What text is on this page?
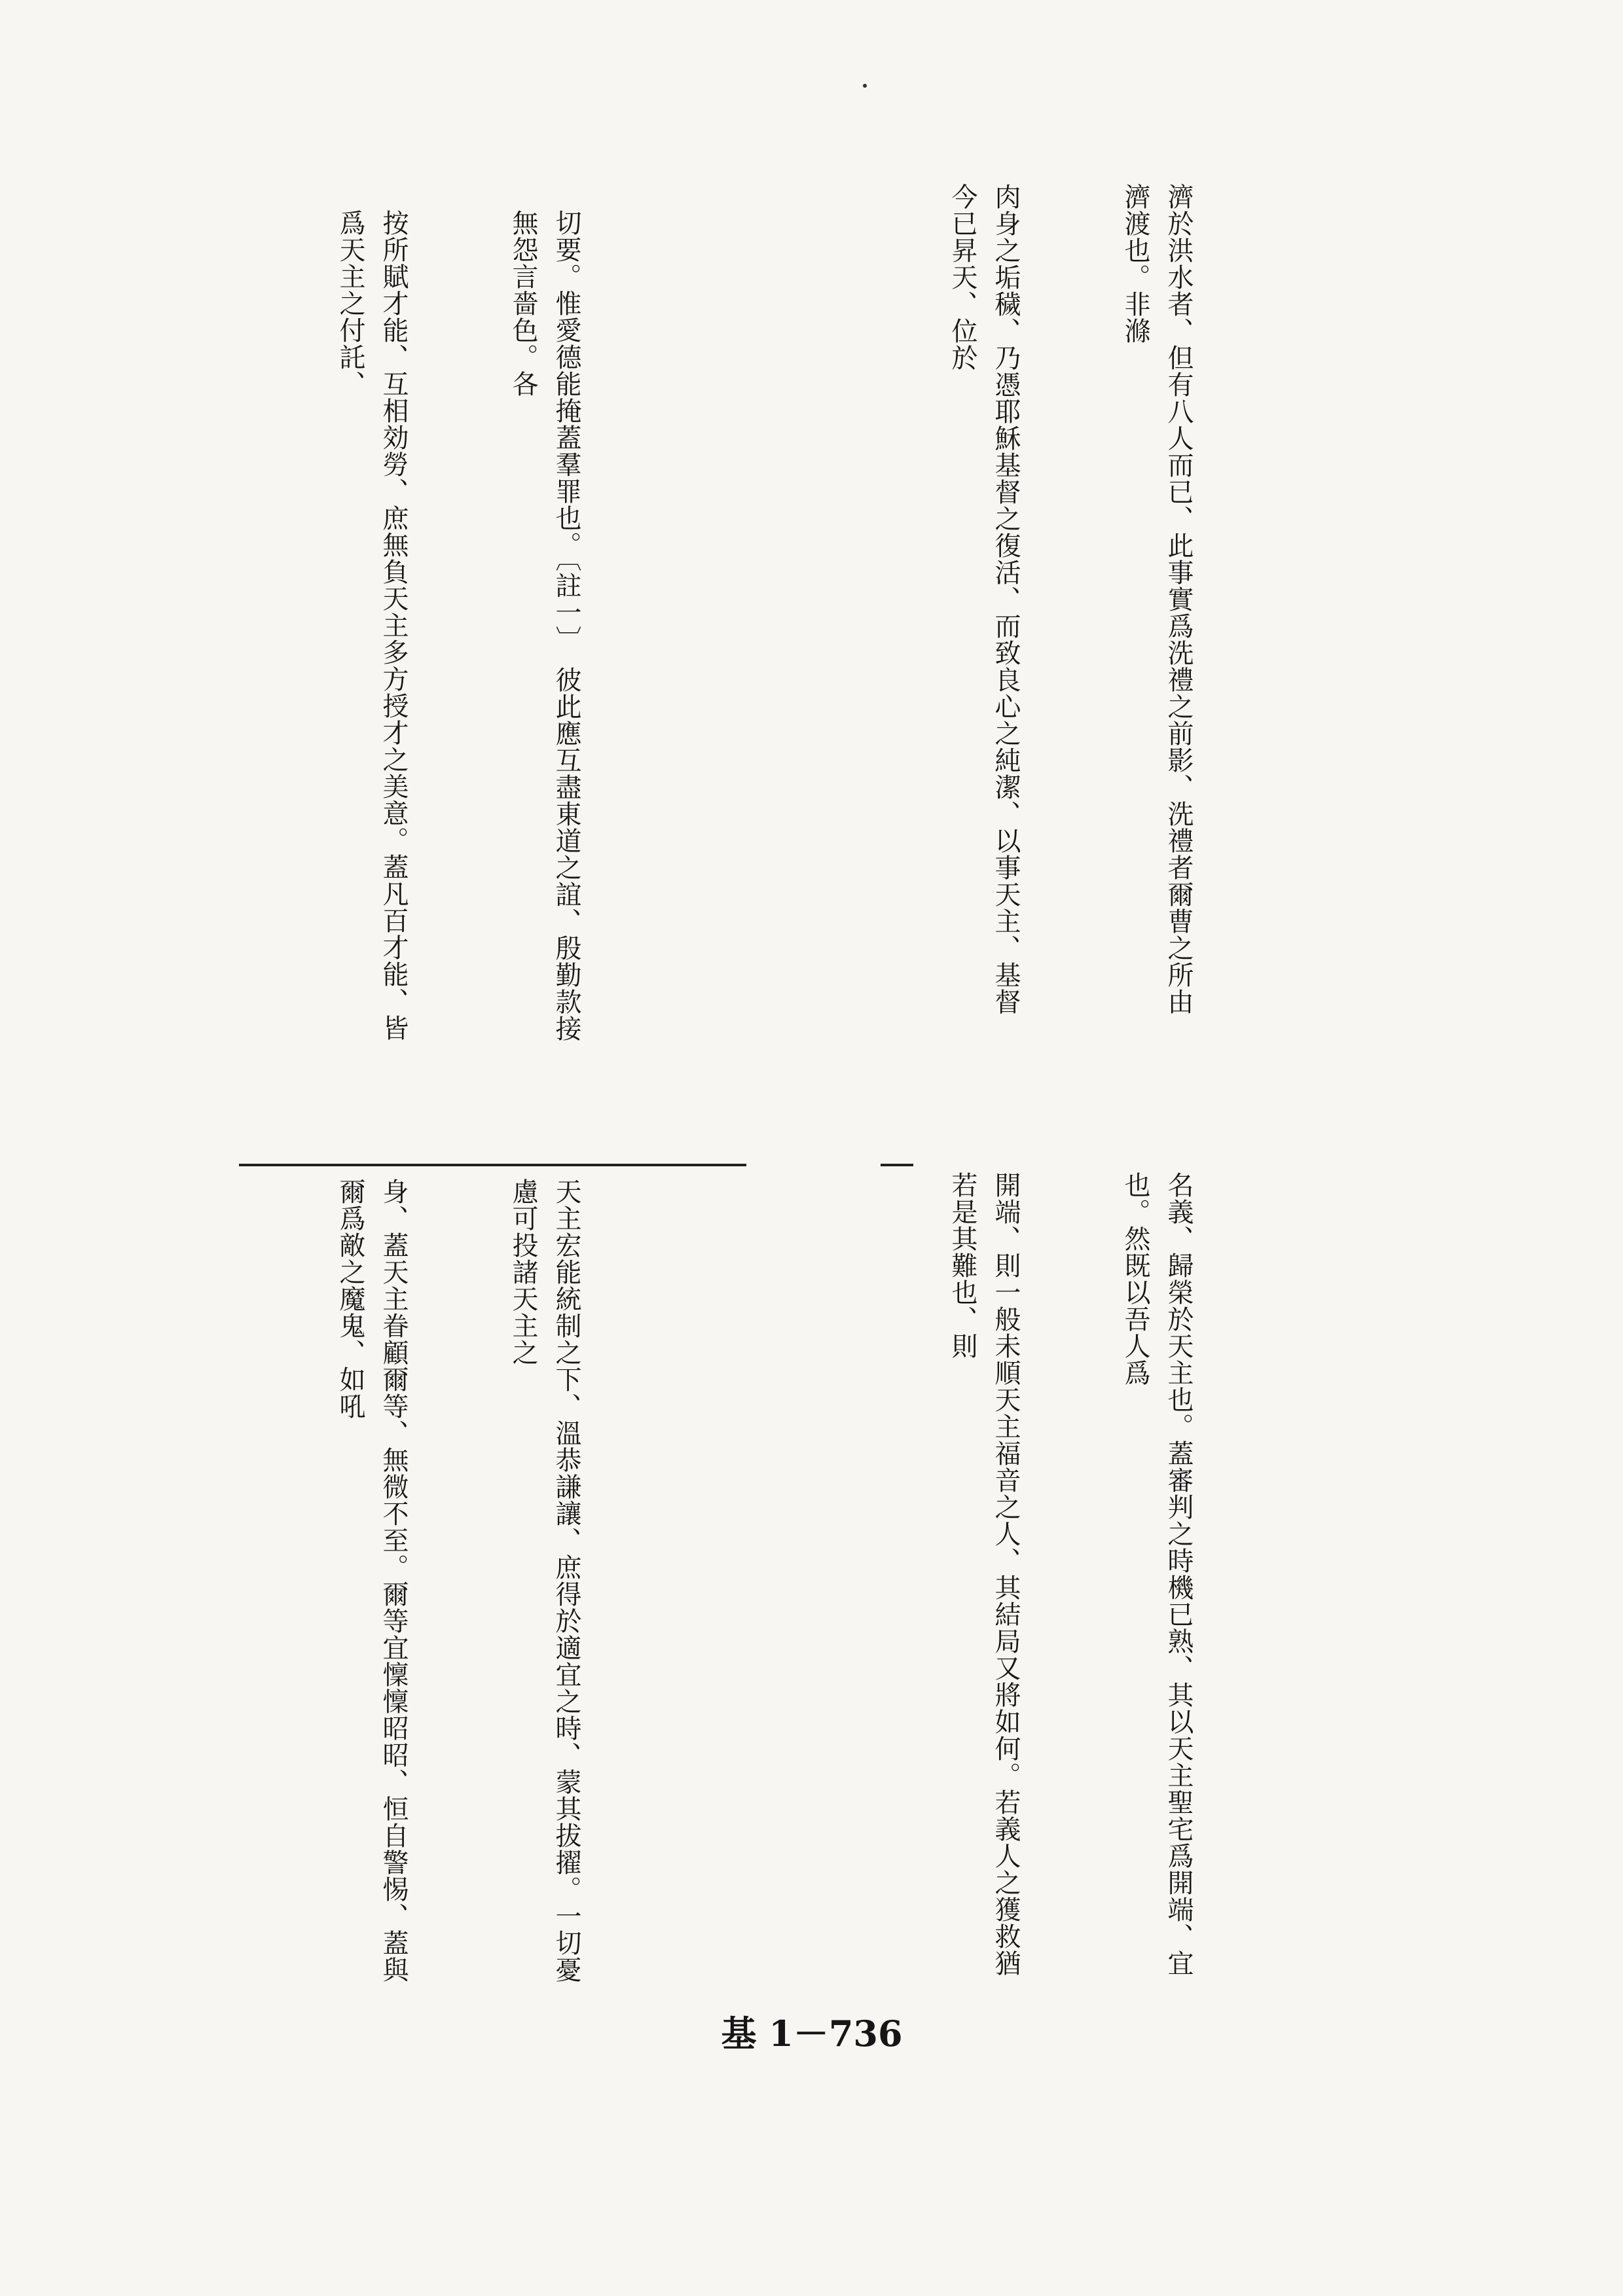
濟於洪水者、但有八人而已、此事實爲洗禮之前影、洗禮者爾曹之所由濟渡也。非滌

肉身之垢穢、乃憑耶穌基督之復活、而致良心之純潔、以事天主、基督今已昇天、位於

切要。惟愛德能掩蓋羣罪也。〔註一〕　彼此應互盡東道之誼、殷勤款接無怨言嗇色。各

按所賦才能、互相効勞、庶無負天主多方授才之美意。蓋凡百才能、皆爲天主之付託、

名義、歸榮於天主也。蓋審判之時機已熟、其以天主聖宅爲開端、宜也。然既以吾人爲

開端、則一般未順天主福音之人、其結局又將如何。若義人之獲救猶若是其難也、則

天主宏能統制之下、溫恭謙讓、庶得於適宜之時、蒙其拔擢。一切憂慮可投諸天主之

身、蓋天主眷顧爾等、無微不至。爾等宜懍懍昭昭、恒自警惕、蓋與爾爲敵之魔鬼、如吼

基 1－736
